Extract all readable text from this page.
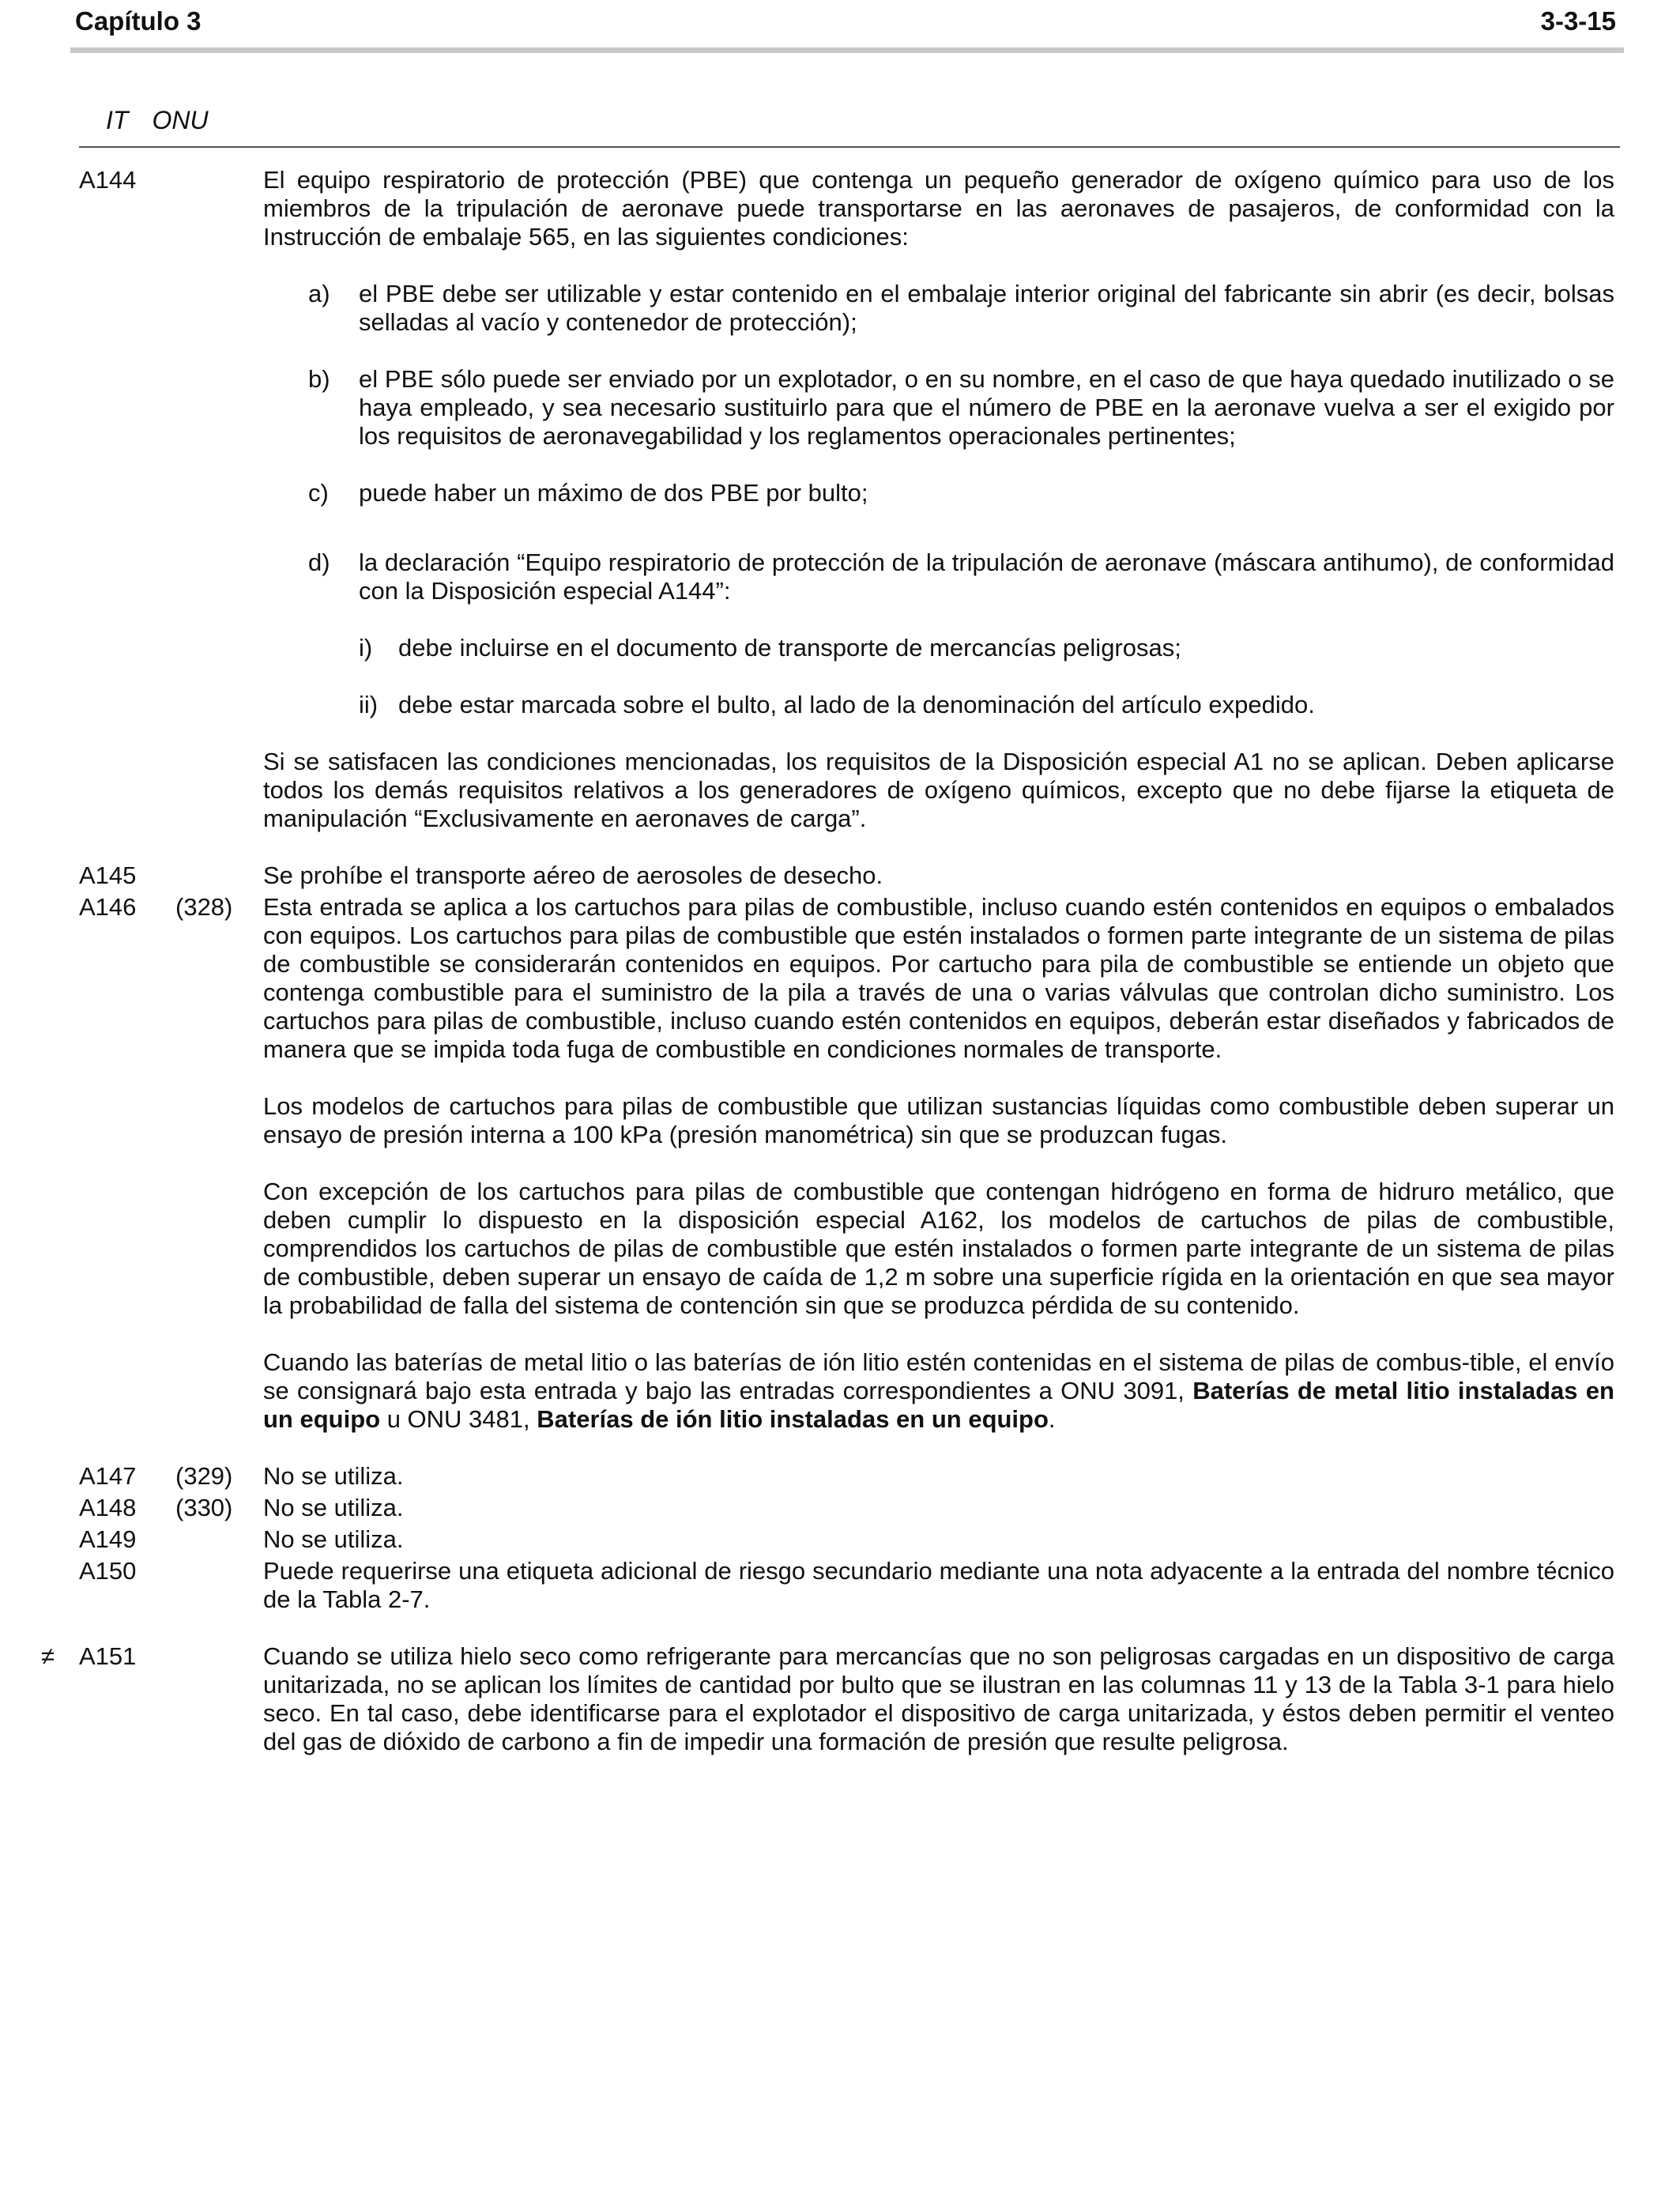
Capítulo 3	3-3-15
IT ONU
A144	El equipo respiratorio de protección (PBE) que contenga un pequeño generador de oxígeno químico para uso de los miembros de la tripulación de aeronave puede transportarse en las aeronaves de pasajeros, de conformidad con la Instrucción de embalaje 565, en las siguientes condiciones:

a) el PBE debe ser utilizable y estar contenido en el embalaje interior original del fabricante sin abrir (es decir, bolsas selladas al vacío y contenedor de protección);
b) el PBE sólo puede ser enviado por un explotador, o en su nombre, en el caso de que haya quedado inutilizado o se haya empleado, y sea necesario sustituirlo para que el número de PBE en la aeronave vuelva a ser el exigido por los requisitos de aeronavegabilidad y los reglamentos operacionales pertinentes;
c) puede haber un máximo de dos PBE por bulto;
d) la declaración “Equipo respiratorio de protección de la tripulación de aeronave (máscara antihumo), de conformidad con la Disposición especial A144”:
i) debe incluirse en el documento de transporte de mercancías peligrosas;
ii) debe estar marcada sobre el bulto, al lado de la denominación del artículo expedido.

Si se satisfacen las condiciones mencionadas, los requisitos de la Disposición especial A1 no se aplican. Deben aplicarse todos los demás requisitos relativos a los generadores de oxígeno químicos, excepto que no debe fijarse la etiqueta de manipulación “Exclusivamente en aeronaves de carga”.

A145	Se prohíbe el transporte aéreo de aerosoles de desecho.

A146 (328) Esta entrada se aplica a los cartuchos para pilas de combustible, incluso cuando estén contenidos en equipos o embalados con equipos. Los cartuchos para pilas de combustible que estén instalados o formen parte integrante de un sistema de pilas de combustible se considerarán contenidos en equipos. Por cartucho para pila de combustible se entiende un objeto que contenga combustible para el suministro de la pila a través de una o varias válvulas que controlan dicho suministro. Los cartuchos para pilas de combustible, incluso cuando estén contenidos en equipos, deberán estar diseñados y fabricados de manera que se impida toda fuga de combustible en condiciones normales de transporte.

Los modelos de cartuchos para pilas de combustible que utilizan sustancias líquidas como combustible deben superar un ensayo de presión interna a 100 kPa (presión manométrica) sin que se produzcan fugas.

Con excepción de los cartuchos para pilas de combustible que contengan hidrógeno en forma de hidruro metálico, que deben cumplir lo dispuesto en la disposición especial A162, los modelos de cartuchos de pilas de combustible, comprendidos los cartuchos de pilas de combustible que estén instalados o formen parte integrante de un sistema de pilas de combustible, deben superar un ensayo de caída de 1,2 m sobre una superficie rígida en la orientación en que sea mayor la probabilidad de falla del sistema de contención sin que se produzca pérdida de su contenido.

Cuando las baterías de metal litio o las baterías de ión litio estén contenidas en el sistema de pilas de combus-tible, el envío se consignará bajo esta entrada y bajo las entradas correspondientes a ONU 3091, Baterías de metal litio instaladas en un equipo u ONU 3481, Baterías de ión litio instaladas en un equipo.

A147 (329) No se utiliza.

A148 (330) No se utiliza.

A149	No se utiliza.

A150	Puede requerirse una etiqueta adicional de riesgo secundario mediante una nota adyacente a la entrada del nombre técnico de la Tabla 2-7.

≠ A151	Cuando se utiliza hielo seco como refrigerante para mercancías que no son peligrosas cargadas en un dispositivo de carga unitarizada, no se aplican los límites de cantidad por bulto que se ilustran en las columnas 11 y 13 de la Tabla 3-1 para hielo seco. En tal caso, debe identificarse para el explotador el dispositivo de carga unitarizada, y éstos deben permitir el venteo del gas de dióxido de carbono a fin de impedir una formación de presión que resulte peligrosa.
